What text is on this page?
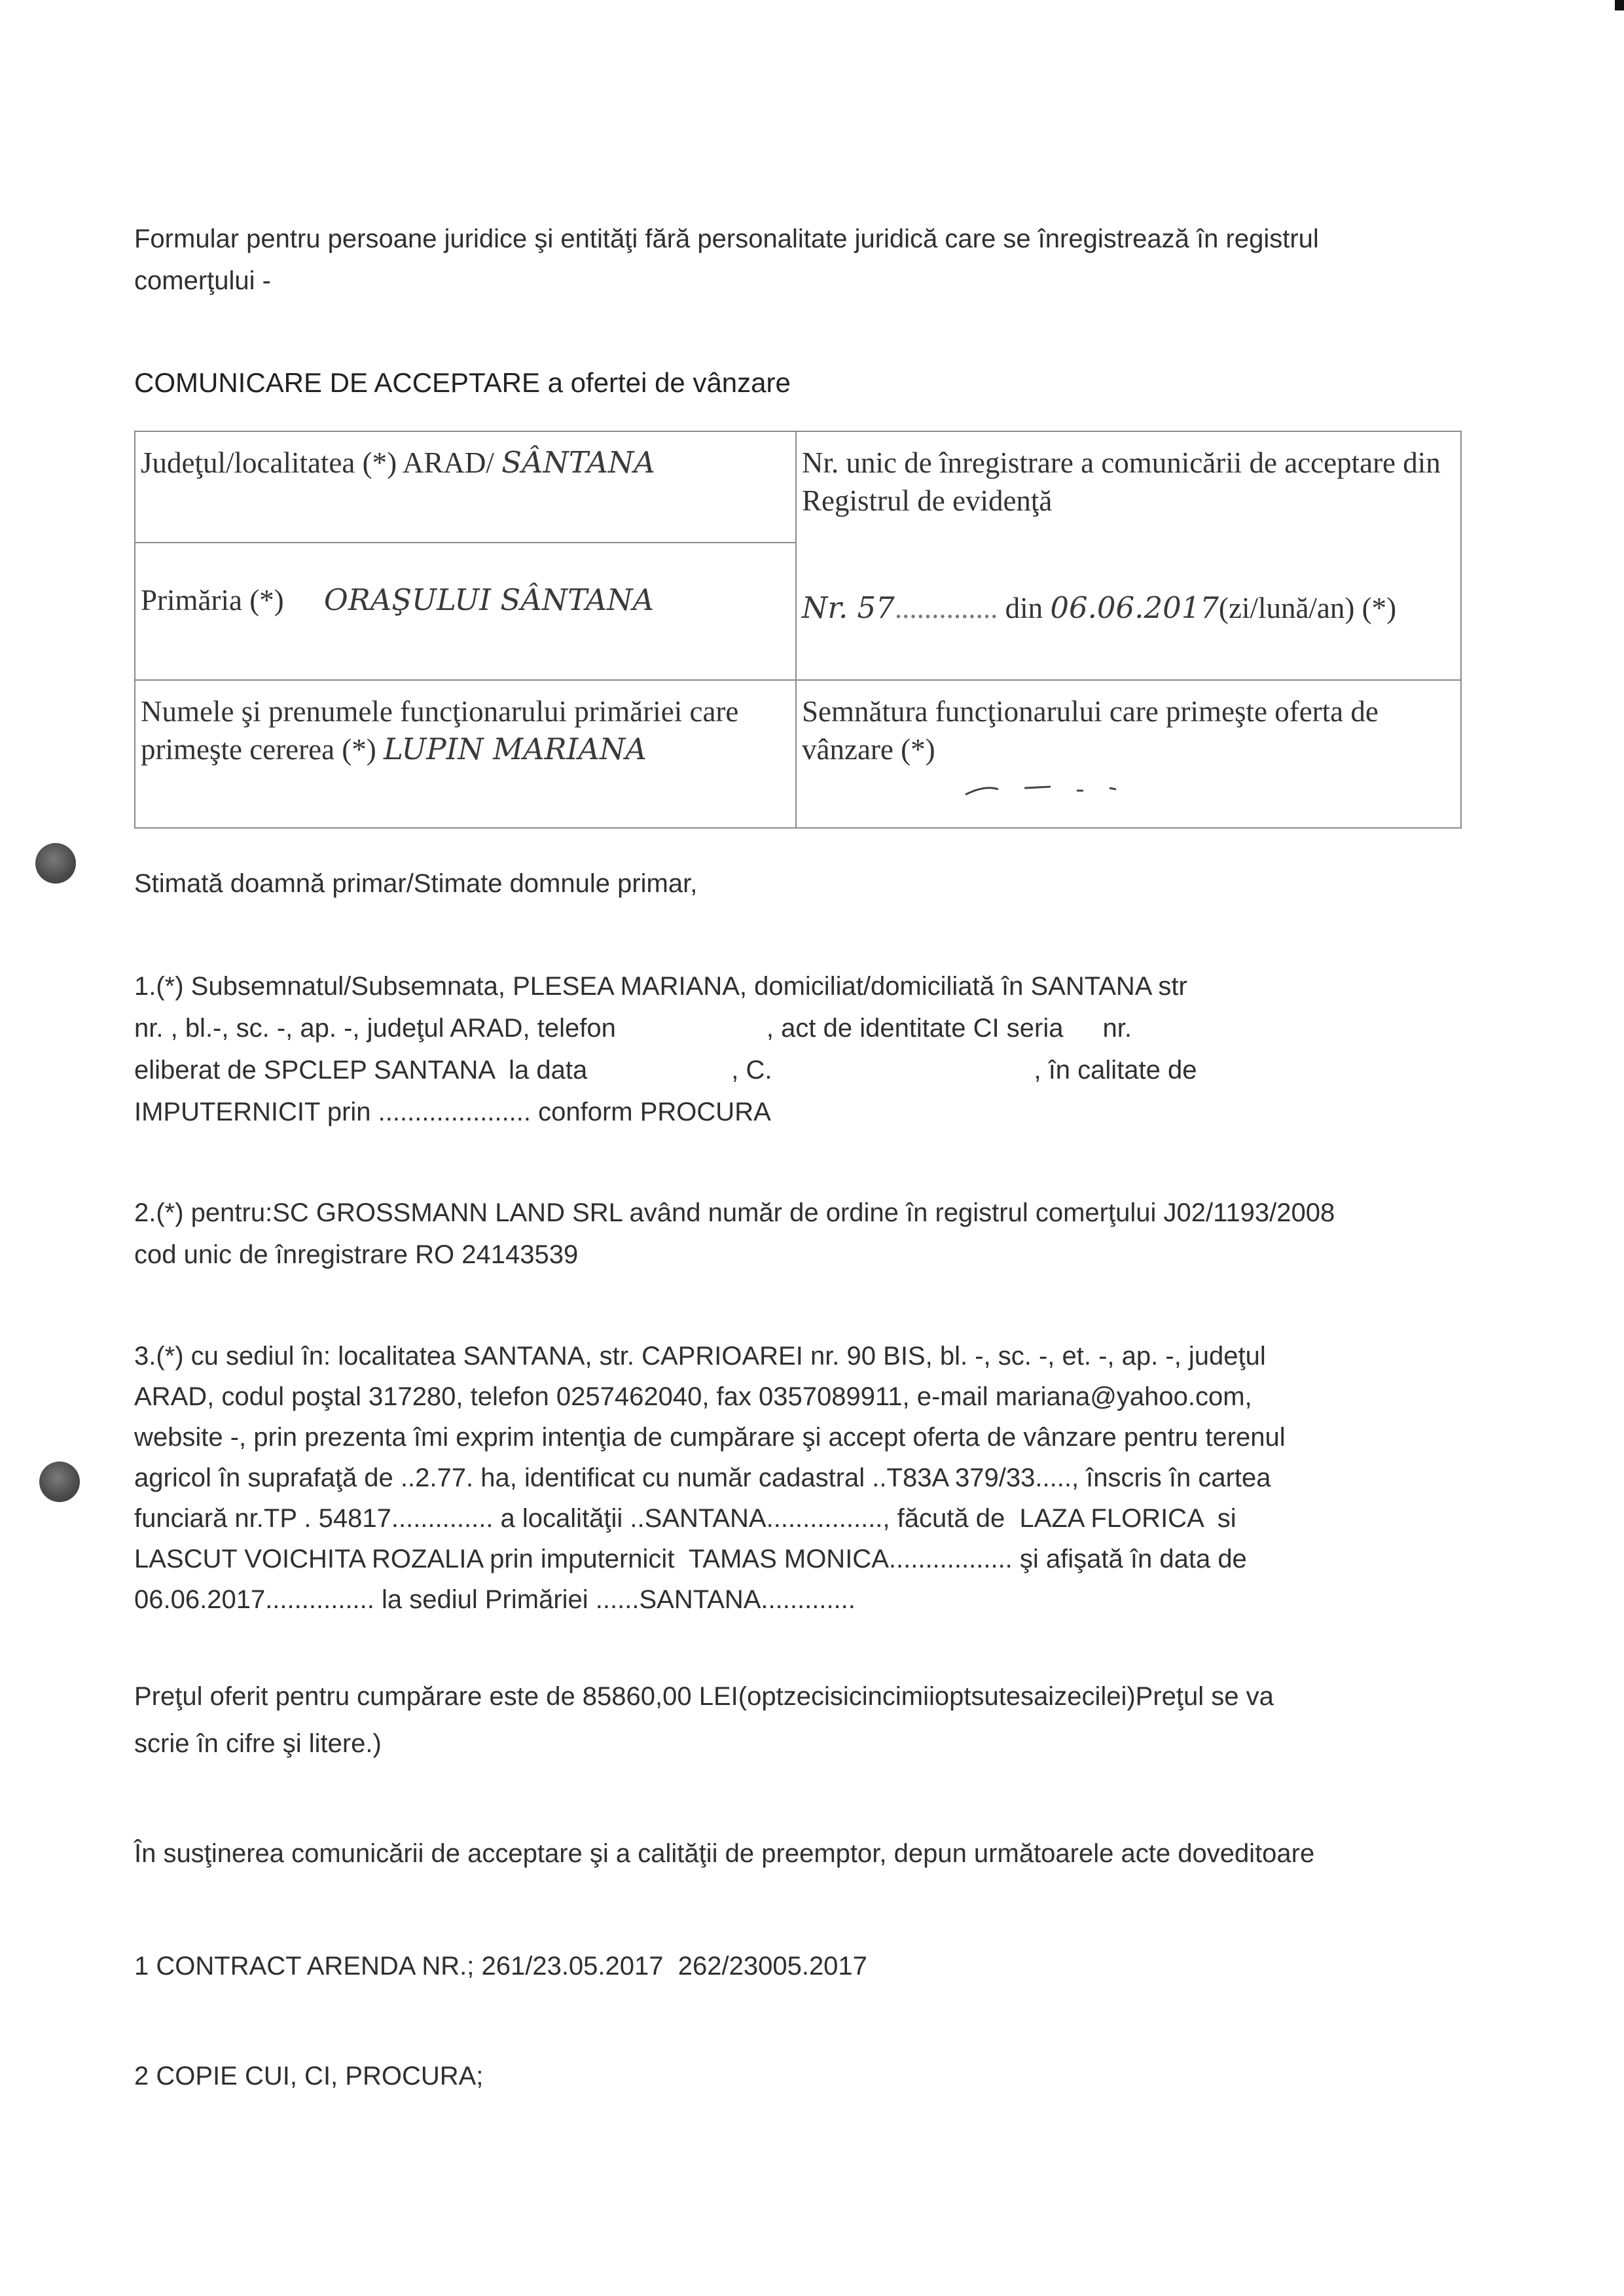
Formular pentru persoane juridice şi entităţi fără personalitate juridică care se înregistrează în registrul

comerţului -

COMUNICARE DE ACCEPTARE a ofertei de vânzare

Judeţul/localitatea (*) ARAD/ SÂNTANA	Nr. unic de înregistrare a comunicării de acceptare din Registrul de evidenţă
Nr. 57.............. din 06.06.2017(zi/lună/an) (*)

Primăria (*) ORAŞULUI SÂNTANA	

Numele şi prenumele funcţionarului primăriei care primeşte cererea (*) LUPIN MARIANA	Semnătura funcţionarului care primeşte oferta de vânzare (*)

Stimată doamnă primar/Stimate domnule primar,

1.(*) Subsemnatul/Subsemnata, PLESEA MARIANA, domiciliat/domiciliată în SANTANA str

nr. , bl.-, sc. -, ap. -, judeţul ARAD, telefon	, act de identitate CI seria nr.

eliberat de SPCLEP SANTANA  la data	, C.	, în calitate de

IMPUTERNICIT prin ..................... conform PROCURA

2.(*) pentru:SC GROSSMANN LAND SRL având număr de ordine în registrul comerţului J02/1193/2008

cod unic de înregistrare RO 24143539

3.(*) cu sediul în: localitatea SANTANA, str. CAPRIOAREI nr. 90 BIS, bl. -, sc. -, et. -, ap. -, judeţul

ARAD, codul poştal 317280, telefon 0257462040, fax 0357089911, e-mail mariana@yahoo.com,

website -, prin prezenta îmi exprim intenţia de cumpărare şi accept oferta de vânzare pentru terenul

agricol în suprafaţă de ..2.77. ha, identificat cu număr cadastral ..T83A 379/33....., înscris în cartea

funciară nr.TP . 54817.............. a localităţii ..SANTANA................, făcută de  LAZA FLORICA  si

LASCUT VOICHITA ROZALIA prin imputernicit  TAMAS MONICA................. şi afişată în data de

06.06.2017............... la sediul Primăriei ......SANTANA.............

Preţul oferit pentru cumpărare este de 85860,00 LEI(optzecisicincimiioptsutesaizecilei)Preţul se va

scrie în cifre şi litere.)

În susţinerea comunicării de acceptare şi a calităţii de preemptor, depun următoarele acte doveditoare

1 CONTRACT ARENDA NR.; 261/23.05.2017  262/23005.2017

2 COPIE CUI, CI, PROCURA;
